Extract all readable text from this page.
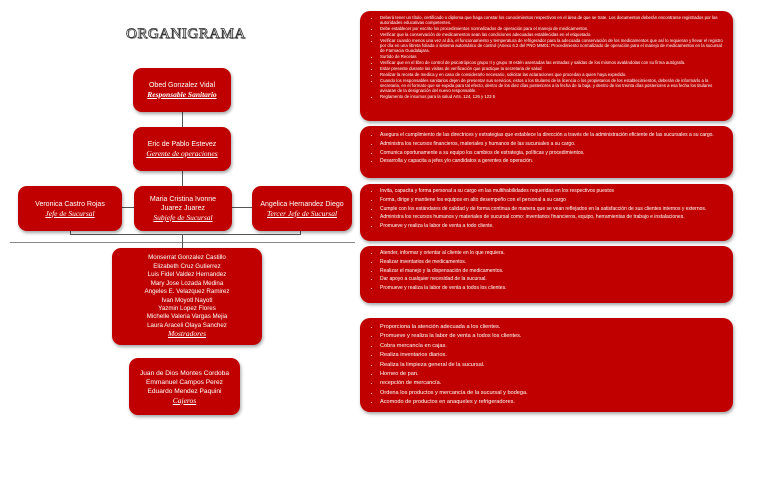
ORGANIGRAMA
Obed Gonzalez Vidal
Responsable Sanitario
Eric de Pablo Estevez
Gerente de operaciones
Veronica Castro Rojas
Jefe de Sucursal
Maria Cristina Ivonne
Juarez Juarez
Subjefe de Sucursal
Angelica Hernandez Diego
Tercer Jefe de Sucursal
Monserrat Gonzalez Castillo
Elizabeth Cruz Gutierrez
Luis Fidel Valdez Hernandez
Mary Jose Lozada Medina
Angeles E. Velazquez Ramirez
Ivan Moyotl Nayotl
Yazmin Lopez Flores
Michelle Valeria Vargas Mejia
Laura Araceli Olaya Sanchez
Mostradores
Juan de Dios Montes Cordoba
Emmanuel Campos Perez
Eduardo Mendez Paquini
Cajeros
• Deberá tener un título, certificado o diploma que haga constar los conocimientos respectivos en el área de que se trate. Los documentos deberán encontrarse registrados por las autoridades educativas competentes.
• Debe establecer por escrito los procedimientos normalizados de operación para el manejo de medicamentos.
• Verificar que la conservación de medicamentos sean las condiciones adecuadas establecidas en el etiquetado.
• Verificar cuando menos una vez al día, el funcionamiento y temperatura de refrigerador para la adecuada conservación de los medicamentos que así lo requieran y llevar el registro por día en una libreta foliada o sistema automático de control (Anexo 6.2 del PNO MM01: Procedimiento normalizado de operación para el manejo de medicamentos en la sucursal de Farmacia Guadalajara.
• Surtido de Recetas
• Verificar que en el libro de control de psicotrópicos grupo II y grupo III estén asentadas las entradas y salidas de los mismos avalándolas con su firma autógrafa.
• Estar presente durante las visitas de verificación que practique la secretaria de salud
• Realizar la receta de medica y en caso de considerarlo necesario, solicitar las aclaraciones que procedan a quien haya expedido.
• Cuando los responsables sanitarios dejen de presentar sus servicios, estos o los titulares de la licencia o los propietarios de los establecimientos, deberán de informarlo a la secretaria, en el formato que se expida para tal efecto, dentro de los diez días posteriores a la fecha de la baja, y dentro de los treinta días posteriores a esa fecha los titulares avisaran de la designación del nuevo responsable.
• Reglamento de insumos para la salud Arts. 124, 126 y 123 5
• Asegura el cumplimiento de las directrices y estrategias que establece la dirección a través de la administración eficiente de las sucursales a su cargo.
• Administra los recursos financieros, materiales y humanos de las sucursales a su cargo.
• Comunica oportunamente a su equipo los cambios de estrategia, políticas y procedimientos.
• Desarrolla y capacita a jefes y/o candidatos a gerentes de operación.
• Invita, capacita y forma personal a su cargo en las multihabilidades requeridas en los respectivos puestos
• Forma, dirige y mantiene los equipos en alto desempeño con el personal a su cargo
• Cumple con los estándares de calidad y de forma continua de manera que se vean reflejados en la satisfacción de sus clientes internos y externos.
• Administra los recursos humanos y materiales de sucursal como: inventarios financieros, equipo, herramientas de trabajo e instalaciones.
• Promueve y realiza la labor de venta a todo cliente.
• Atender, informar y orientar al cliente en lo que requiera.
• Realizar inventarios de medicamentos.
• Realizar el manejo y la dispensación de medicamentos.
• Dar apoyo a cualquier necesidad de la sucursal.
• Promueve y realiza la labor de venta a todos los clientes.
• Proporciona la atención adecuada a los clientes.
• Promueve y realiza la labor de venta a todos los clientes.
• Cobra mercancía en cajas.
• Realiza inventarios diarios.
• Realiza la limpieza general de la sucursal.
• Horneo de pan.
• recepción de mercancía.
• Ordena los productos y mercancía de la sucursal y bodega.
• Acomodo de productos en anaqueles y refrigeradores.
